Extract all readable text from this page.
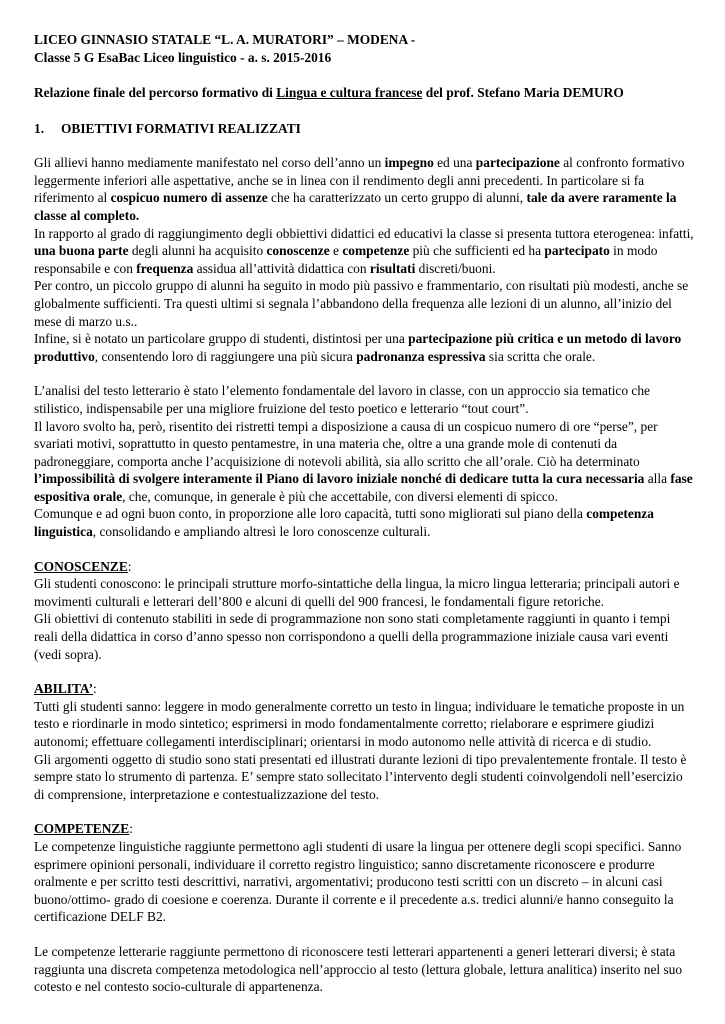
LICEO GINNASIO STATALE “L. A. MURATORI” – MODENA -

Classe 5 G EsaBac Liceo linguistico - a. s. 2015-2016

Relazione finale del percorso formativo di Lingua e cultura francese del prof. Stefano Maria DEMURO

1. OBIETTIVI FORMATIVI REALIZZATI

Gli allievi hanno mediamente manifestato nel corso dell’anno un impegno ed una partecipazione al confronto formativo leggermente inferiori alle aspettative, anche se in linea con il rendimento degli anni precedenti. In particolare si fa riferimento al cospicuo numero di assenze che ha caratterizzato un certo gruppo di alunni, tale da avere raramente la classe al completo.

In rapporto al grado di raggiungimento degli obbiettivi didattici ed educativi la classe si presenta tuttora eterogenea: infatti, una buona parte degli alunni ha acquisito conoscenze e competenze più che sufficienti ed ha partecipato in modo responsabile e con frequenza assidua all’attività didattica con risultati discreti/buoni.

Per contro, un piccolo gruppo di alunni ha seguito in modo più passivo e frammentario, con risultati più modesti, anche se globalmente sufficienti. Tra questi ultimi si segnala l’abbandono della frequenza alle lezioni di un alunno, all’inizio del mese di marzo u.s..

Infine, si è notato un particolare gruppo di studenti, distintosi per una partecipazione più critica e un metodo di lavoro produttivo, consentendo loro di raggiungere una più sicura padronanza espressiva sia scritta che orale.

L’analisi del testo letterario è stato l’elemento fondamentale del lavoro in classe, con un approccio sia tematico che stilistico, indispensabile per una migliore fruizione del testo poetico e letterario “tout court”.

Il lavoro svolto ha, però, risentito dei ristretti tempi a disposizione a causa di un cospicuo numero di ore “perse”, per svariati motivi, soprattutto in questo pentamestre, in una materia che, oltre a una grande mole di contenuti da padroneggiare, comporta anche l’acquisizione di notevoli abilità, sia allo scritto che all’orale. Ciò ha determinato l’impossibilità di svolgere interamente il Piano di lavoro iniziale nonché di dedicare tutta la cura necessaria alla fase espositiva orale, che, comunque, in generale è più che accettabile, con diversi elementi di spicco.

Comunque e ad ogni buon conto, in proporzione alle loro capacità, tutti sono migliorati sul piano della competenza linguistica, consolidando e ampliando altresì le loro conoscenze culturali.

CONOSCENZE:

Gli studenti conoscono: le principali strutture morfo-sintattiche della lingua, la micro lingua letteraria; principali autori e movimenti culturali e letterari dell’800 e alcuni di quelli del 900 francesi, le fondamentali figure retoriche.

Gli obiettivi di contenuto stabiliti in sede di programmazione non sono stati completamente raggiunti in quanto i tempi reali della didattica in corso d’anno spesso non corrispondono a quelli della programmazione iniziale causa vari eventi (vedi sopra).

ABILITA’:

Tutti gli studenti sanno: leggere in modo generalmente corretto un testo in lingua; individuare le tematiche proposte in un testo e riordinarle in modo sintetico; esprimersi in modo fondamentalmente corretto; rielaborare e esprimere giudizi autonomi; effettuare collegamenti interdisciplinari; orientarsi in modo autonomo nelle attività di ricerca e di studio.

Gli argomenti oggetto di studio sono stati presentati ed illustrati durante lezioni di tipo prevalentemente frontale. Il testo è sempre stato lo strumento di partenza. E’ sempre stato sollecitato l’intervento degli studenti coinvolgendoli nell’esercizio di comprensione, interpretazione e contestualizzazione del testo.

COMPETENZE:

Le competenze linguistiche raggiunte permettono agli studenti di usare la lingua per ottenere degli scopi specifici. Sanno esprimere opinioni personali, individuare il corretto registro linguistico; sanno discretamente riconoscere e produrre oralmente e per scritto testi descrittivi, narrativi, argomentativi; producono testi scritti con un discreto – in alcuni casi buono/ottimo- grado di coesione e coerenza. Durante il corrente e il precedente a.s. tredici alunni/e hanno conseguito la certificazione DELF B2.

Le competenze letterarie raggiunte permettono di riconoscere testi letterari appartenenti a generi letterari diversi; è stata raggiunta una discreta competenza metodologica nell’approccio al testo (lettura globale, lettura analitica) inserito nel suo cotesto e nel contesto socio-culturale di appartenenza.
